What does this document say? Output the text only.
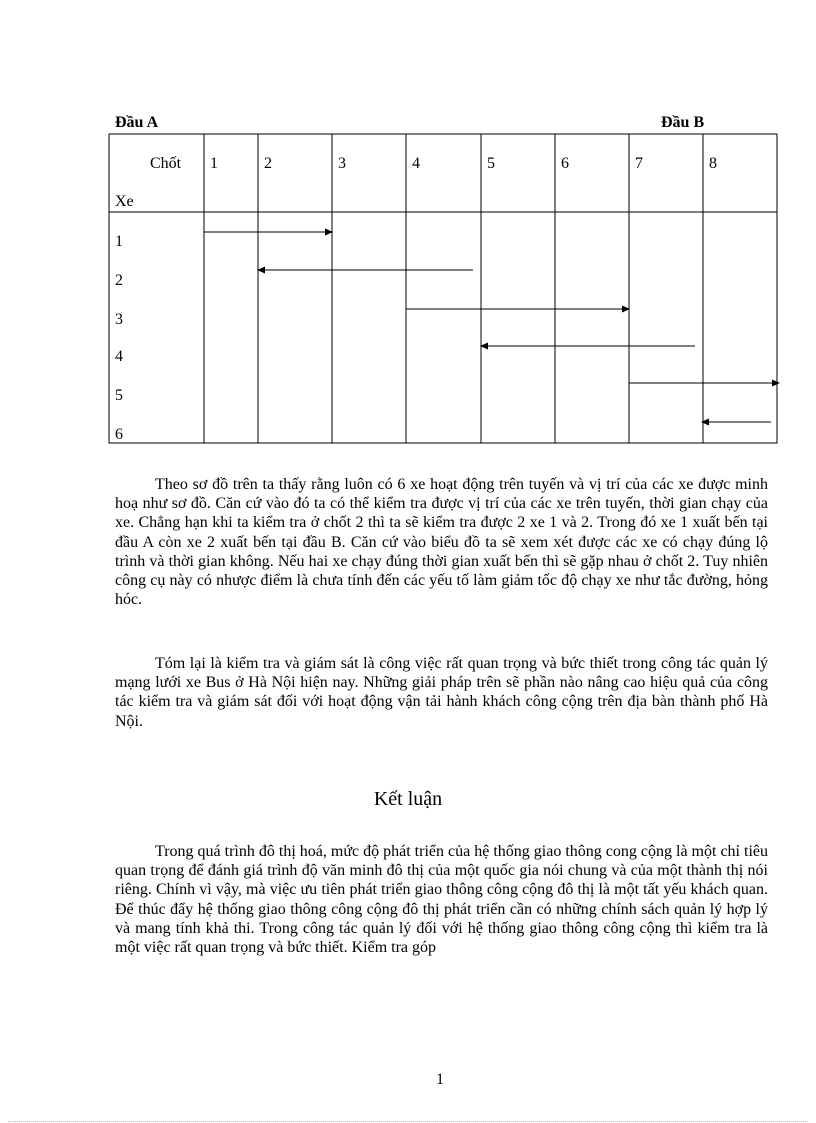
Đầu A	Đầu B
Chốt
Xe
1	2	3	4	5	6	7	8
1
2
3
4
5
6

Theo sơ đồ trên ta thấy rằng luôn có 6 xe hoạt động trên tuyến và vị trí của các xe được minh hoạ như sơ đồ. Căn cứ vào đó ta có thể kiểm tra được vị trí của các xe trên tuyến, thời gian chạy của xe. Chẳng hạn khi ta kiểm tra ở chốt 2 thì ta sẽ kiểm tra được 2 xe 1 và 2. Trong đó xe 1 xuất bến tại đầu A còn xe 2 xuất bến tại đầu B. Căn cứ vào biểu đồ ta sẽ xem xét được các xe có chạy đúng lộ trình và thời gian không. Nếu hai xe chạy đúng thời gian xuất bến thì sẽ gặp nhau ở chốt 2. Tuy nhiên công cụ này có nhược điểm là chưa tính đến các yếu tố làm giảm tốc độ chạy xe như tắc đường, hỏng hóc.

Tóm lại là kiểm tra và giám sát là công việc rất quan trọng và bức thiết trong công tác quản lý mạng lưới xe Bus ở Hà Nội hiện nay. Những giải pháp trên sẽ phần nào nâng cao hiệu quả của công tác kiểm tra và giám sát đối với hoạt động vận tải hành khách công cộng trên địa bàn thành phố Hà Nội.

Kết luận

Trong quá trình đô thị hoá, mức độ phát triển của hệ thống giao thông cong cộng là một chỉ tiêu quan trọng để đánh giá trình độ văn minh đô thị của một quốc gia nói chung và của một thành thị nói riêng. Chính vì vậy, mà việc ưu tiên phát triển giao thông công cộng đô thị là một tất yếu khách quan. Để thúc đẩy hệ thống giao thông công cộng đô thị phát triển cần có những chính sách quản lý hợp lý và mang tính khả thi. Trong công tác quản lý đối với hệ thống giao thông công cộng thì kiểm tra là một việc rất quan trọng và bức thiết. Kiểm tra góp

1
